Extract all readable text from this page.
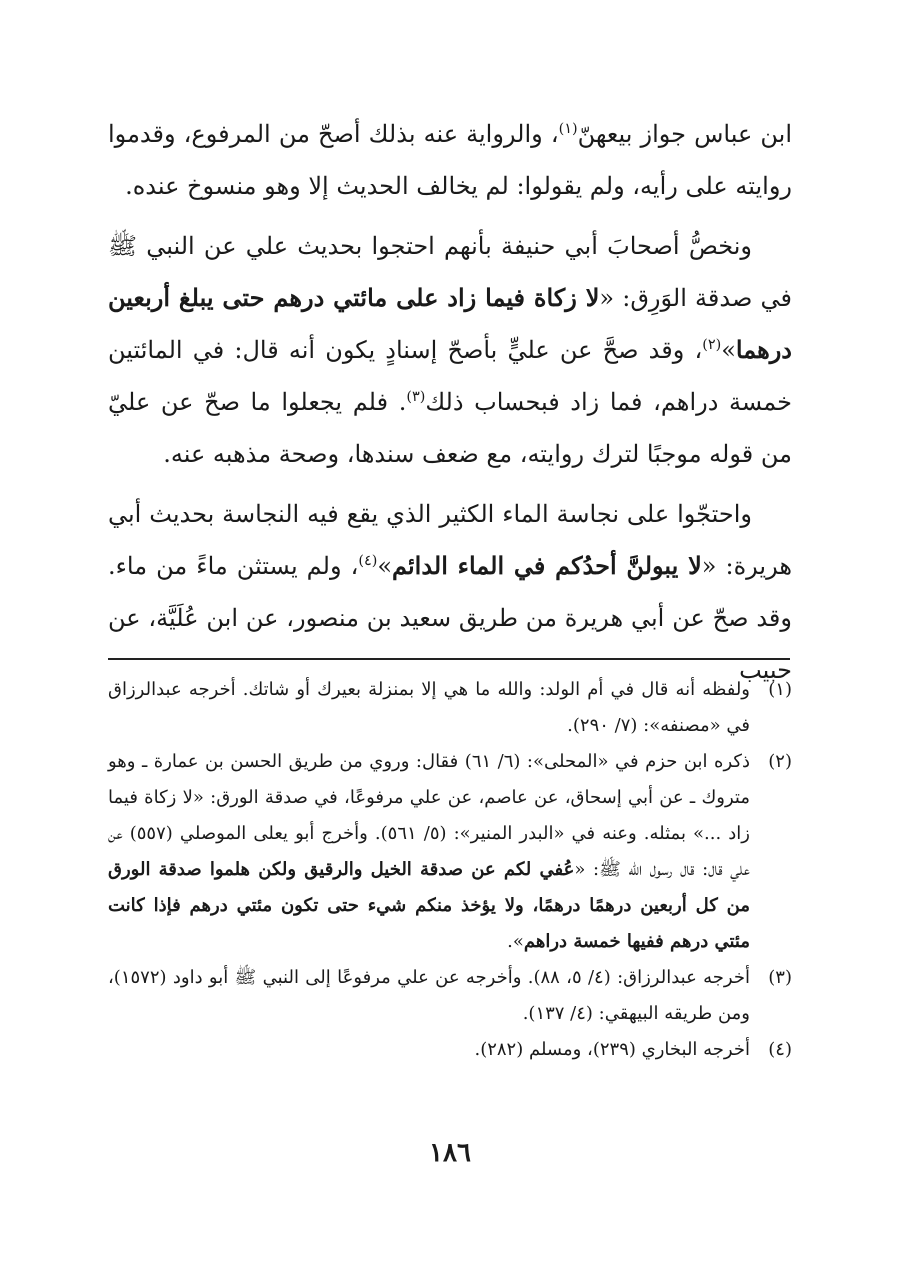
ابن عباس جواز بيعهنّ$^{(١)}$، والرواية عنه بذلك أصحّ من المرفوع، وقدموا روايته على رأيه، ولم يقولوا: لم يخالف الحديث إلا وهو منسوخ عنده.

ونخصُّ أصحابَ أبي حنيفة بأنهم احتجوا بحديث علي عن النبي ﷺ في صدقة الوَرِق: «لا زكاة فيما زاد على مائتي درهم حتى يبلغ أربعين درهما»$^{(٢)}$، وقد صحَّ عن عليٍّ بأصحّ إسنادٍ يكون أنه قال: في المائتين خمسة دراهم، فما زاد فبحساب ذلك$^{(٣)}$. فلم يجعلوا ما صحّ عن عليّ من قوله موجبًا لترك روايته، مع ضعف سندها، وصحة مذهبه عنه.

واحتجّوا على نجاسة الماء الكثير الذي يقع فيه النجاسة بحديث أبي هريرة: «لا يبولنَّ أحدُكم في الماء الدائم»$^{(٤)}$، ولم يستثن ماءً من ماء. وقد صحّ عن أبي هريرة من طريق سعيد بن منصور، عن ابن عُلَيَّة، عن حبيب

(١)
ولفظه أنه قال في أم الولد: والله ما هي إلا بمنزلة بعيرك أو شاتك. أخرجه عبدالرزاق في «مصنفه»: (٧/ ٢٩٠).
(٢)
ذكره ابن حزم في «المحلى»: (٦/ ٦١) فقال: وروي من طريق الحسن بن عمارة ـ وهو متروك ـ عن أبي إسحاق، عن عاصم، عن علي مرفوعًا، في صدقة الورق: «لا زكاة فيما زاد ...» بمثله. وعنه في «البدر المنير»: (٥/ ٥٦١). وأخرج أبو يعلى الموصلي (٥٥٧) عن علي قال: قال رسول الله ﷺ: «عُفي لكم عن صدقة الخيل والرقيق ولكن هلموا صدقة الورق من كل أربعين درهمًا درهمًا، ولا يؤخذ منكم شيء حتى تكون مئتي درهم فإذا كانت مئتي درهم ففيها خمسة دراهم».
(٣)
أخرجه عبدالرزاق: (٤/ ٥، ٨٨). وأخرجه عن علي مرفوعًا إلى النبي ﷺ أبو داود (١٥٧٢)، ومن طريقه البيهقي: (٤/ ١٣٧).
(٤)
أخرجه البخاري (٢٣٩)، ومسلم (٢٨٢).
١٨٦
